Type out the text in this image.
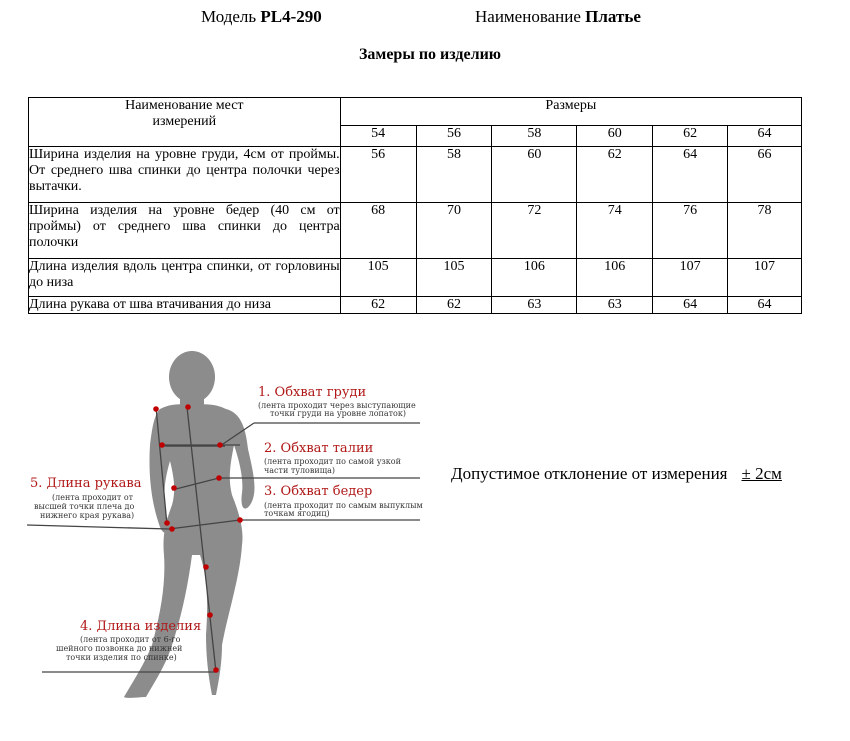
Модель PL4-290	Наименование Платье
Замеры по изделию
Наименование мест измерений	Размеры					
	54	56	58	60	62	64
Ширина изделия на уровне груди, 4см от проймы. От среднего шва спинки до центра полочки через вытачки.	56	58	60	62	64	66
Ширина изделия на уровне бедер (40 см от проймы) от среднего шва спинки до центра полочки	68	70	72	74	76	78
Длина изделия вдоль центра спинки, от горловины до низа	105	105	106	106	107	107
Длина рукава от шва втачивания до низа	62	62	63	63	64	64
1. Обхват груди
(лента проходит через выступающие
точки груди на уровне лопаток)
2. Обхват талии
(лента проходит по самой узкой
части туловища)
3. Обхват бедер
(лента проходит по самым выпуклым
точкам ягодиц)
4. Длина изделия
(лента проходит от 6-го
шейного позвонка до нижней
точки изделия по спинке)
5. Длина рукава
(лента проходит от
высшей точки плеча до
нижнего края рукава)
Допустимое отклонение от измерения ± 2см
